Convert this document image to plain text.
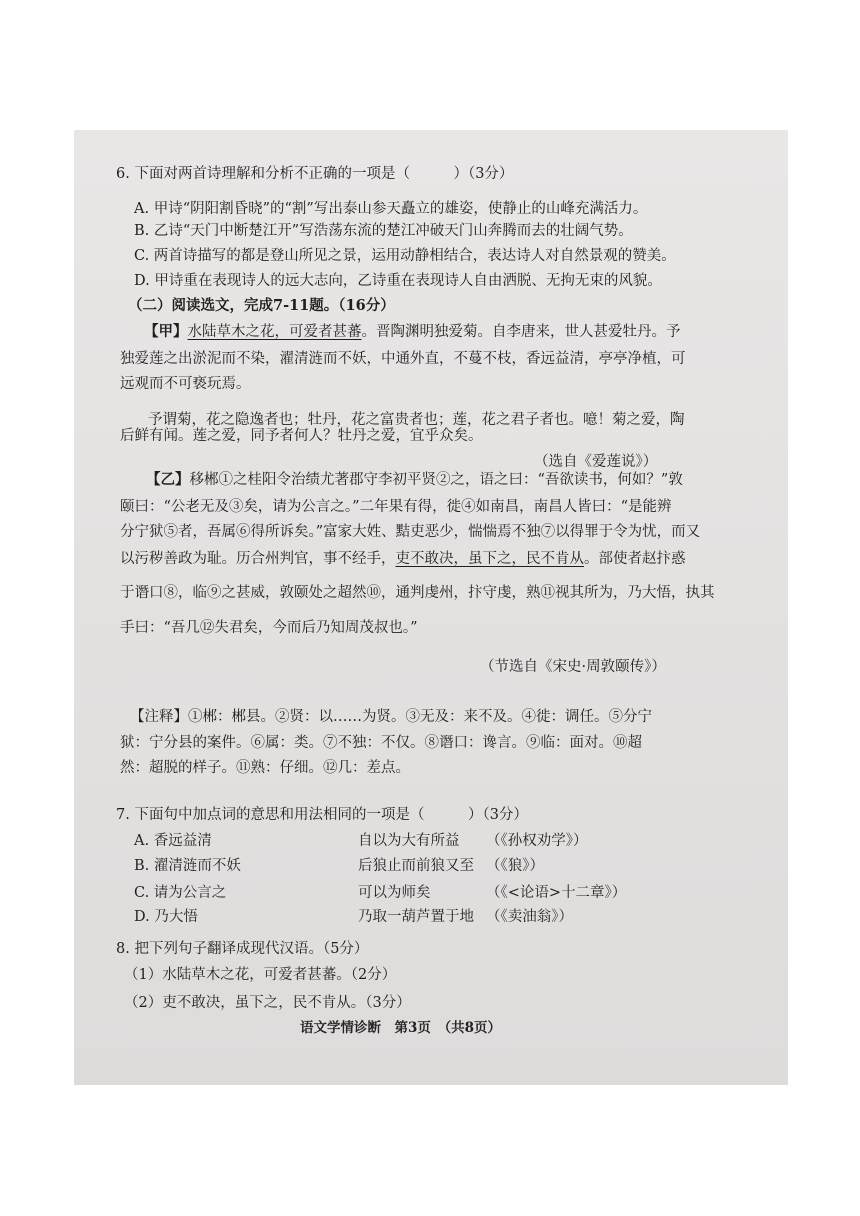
6. 下面对两首诗理解和分析不正确的一项是（　　　）（3分）
A. 甲诗“阴阳割昏晓”的“割”写出泰山参天矗立的雄姿，使静止的山峰充满活力。
B. 乙诗“天门中断楚江开”写浩荡东流的楚江冲破天门山奔腾而去的壮阔气势。
C. 两首诗描写的都是登山所见之景，运用动静相结合，表达诗人对自然景观的赞美。
D. 甲诗重在表现诗人的远大志向，乙诗重在表现诗人自由洒脱、无拘无束的风貌。
（二）阅读选文，完成7-11题。（16分）
【甲】水陆草木之花，可爱者甚蕃。晋陶渊明独爱菊。自李唐来，世人甚爱牡丹。予
独爱莲之出淤泥而不染，濯清涟而不妖，中通外直，不蔓不枝，香远益清，亭亭净植，可
远观而不可亵玩焉。
予谓菊，花之隐逸者也；牡丹，花之富贵者也；莲，花之君子者也。噫！菊之爱，陶
后鲜有闻。莲之爱，同予者何人？牡丹之爱，宜乎众矣。
（选自《爱莲说》）
【乙】移郴①之桂阳令治绩尤著郡守李初平贤②之，语之曰：“吾欲读书，何如？”敦
颐曰：“公老无及③矣，请为公言之。”二年果有得，徙④如南昌，南昌人皆曰：“是能辨
分宁狱⑤者，吾属⑥得所诉矣。”富家大姓、黠吏恶少，惴惴焉不独⑦以得罪于令为忧，而又
以污秽善政为耻。历合州判官，事不经手，吏不敢决，虽下之，民不肯从。部使者赵抃惑
于谮口⑧，临⑨之甚威，敦颐处之超然⑩，通判虔州，抃守虔，熟⑪视其所为，乃大悟，执其
手曰：“吾几⑫失君矣，今而后乃知周茂叔也。”
（节选自《宋史·周敦颐传》）
【注释】①郴：郴县。②贤：以……为贤。③无及：来不及。④徙：调任。⑤分宁
狱：宁分县的案件。⑥属：类。⑦不独：不仅。⑧谮口：谗言。⑨临：面对。⑩超
然：超脱的样子。⑪熟：仔细。⑫几：差点。
7. 下面句中加点词的意思和用法相同的一项是（　　　）（3分）
A. 香远益清	自以为大有所益 （《孙权劝学》）
B. 濯清涟而不妖	后狼止而前狼又至 （《狼》）
C. 请为公言之	可以为师矣	（《<论语>十二章》）
D. 乃大悟	乃取一葫芦置于地 （《卖油翁》）
8. 把下列句子翻译成现代汉语。（5分）
（1）水陆草木之花，可爱者甚蕃。（2分）
（2）吏不敢决，虽下之，民不肯从。（3分）
语文学情诊断　第3页　（共8页）
